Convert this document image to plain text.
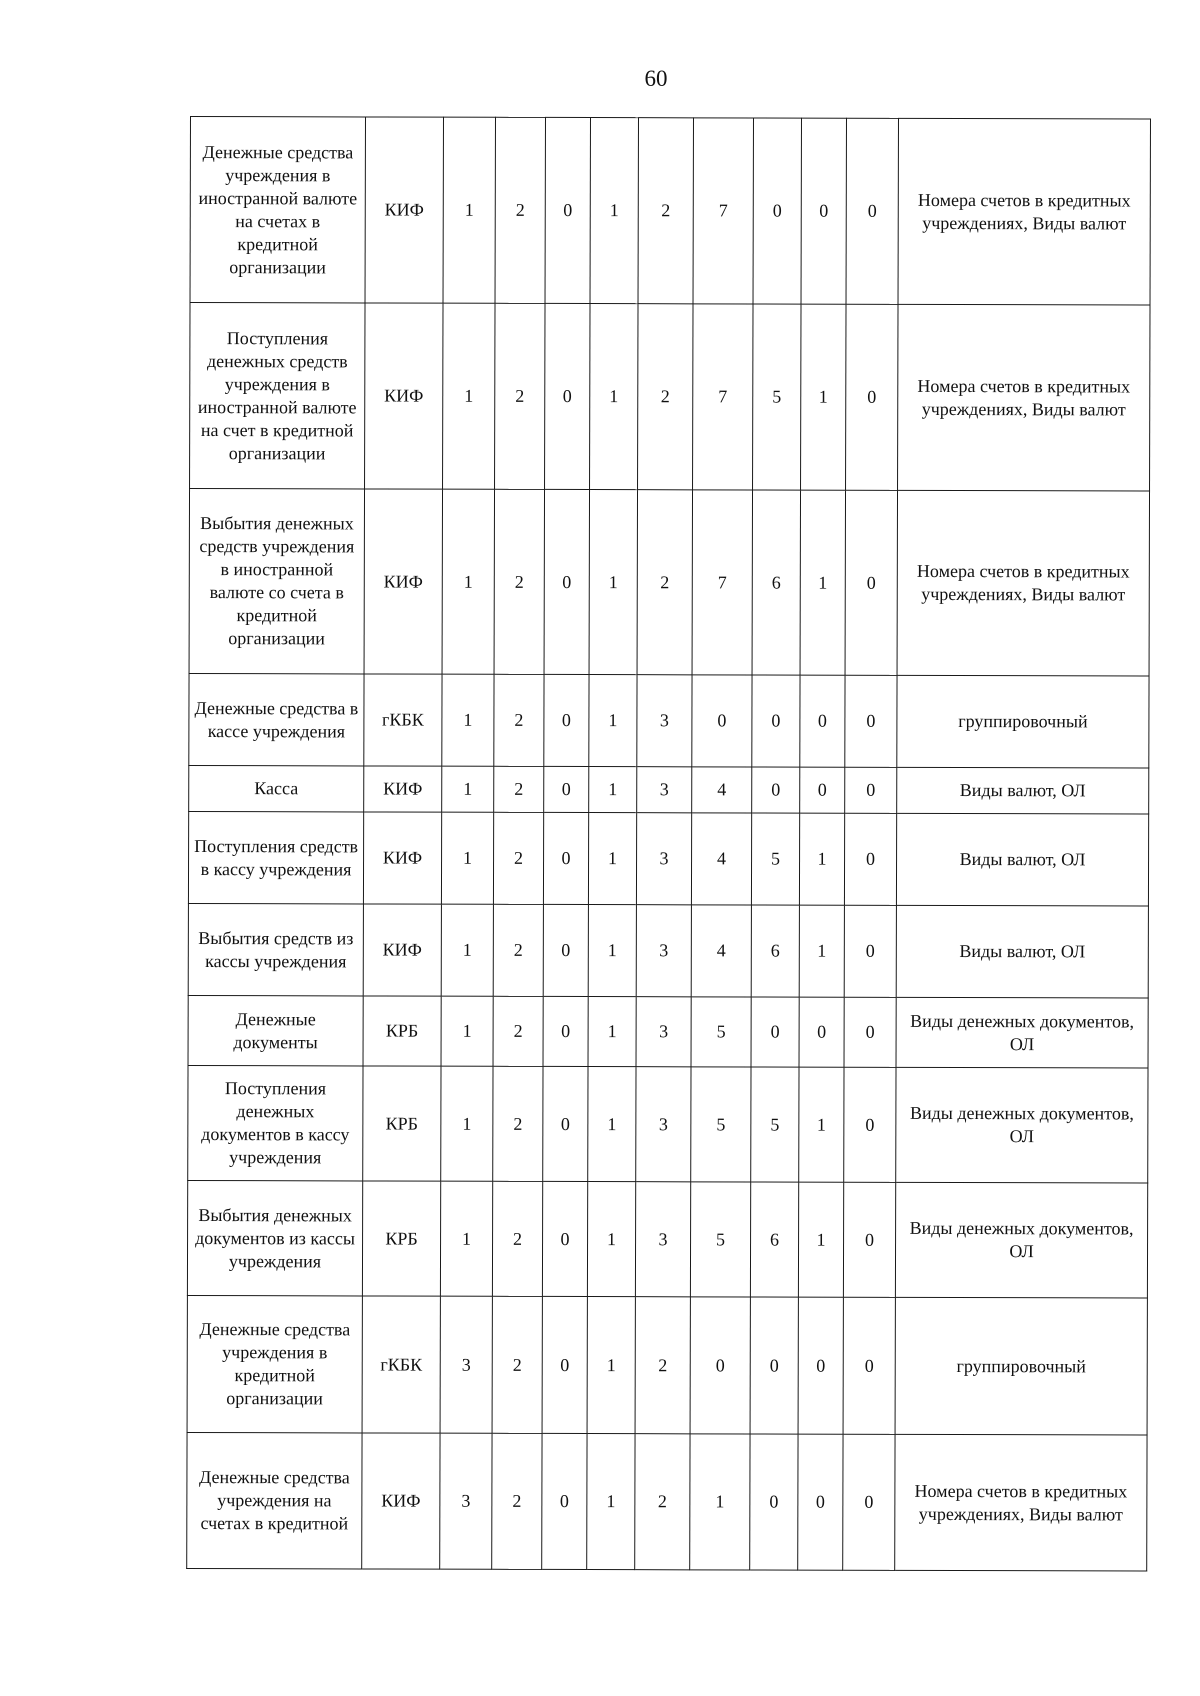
60
Денежные средства учреждения в иностранной валюте на счетах в кредитной организации	КИФ	1	2	0	1	2	7	0	0	0	Номера счетов в кредитных учреждениях, Виды валют
Поступления денежных средств учреждения в иностранной валюте на счет в кредитной организации	КИФ	1	2	0	1	2	7	5	1	0	Номера счетов в кредитных учреждениях, Виды валют
Выбытия денежных средств учреждения в иностранной валюте со счета в кредитной организации	КИФ	1	2	0	1	2	7	6	1	0	Номера счетов в кредитных учреждениях, Виды валют
Денежные средства в кассе учреждения	гКБК	1	2	0	1	3	0	0	0	0	группировочный
Касса	КИФ	1	2	0	1	3	4	0	0	0	Виды валют, ОЛ
Поступления средств в кассу учреждения	КИФ	1	2	0	1	3	4	5	1	0	Виды валют, ОЛ
Выбытия средств из кассы учреждения	КИФ	1	2	0	1	3	4	6	1	0	Виды валют, ОЛ
Денежные документы	КРБ	1	2	0	1	3	5	0	0	0	Виды денежных документов, ОЛ
Поступления денежных документов в кассу учреждения	КРБ	1	2	0	1	3	5	5	1	0	Виды денежных документов, ОЛ
Выбытия денежных документов из кассы учреждения	КРБ	1	2	0	1	3	5	6	1	0	Виды денежных документов, ОЛ
Денежные средства учреждения в кредитной организации	гКБК	3	2	0	1	2	0	0	0	0	группировочный
Денежные средства учреждения на счетах в кредитной	КИФ	3	2	0	1	2	1	0	0	0	Номера счетов в кредитных учреждениях, Виды валют
